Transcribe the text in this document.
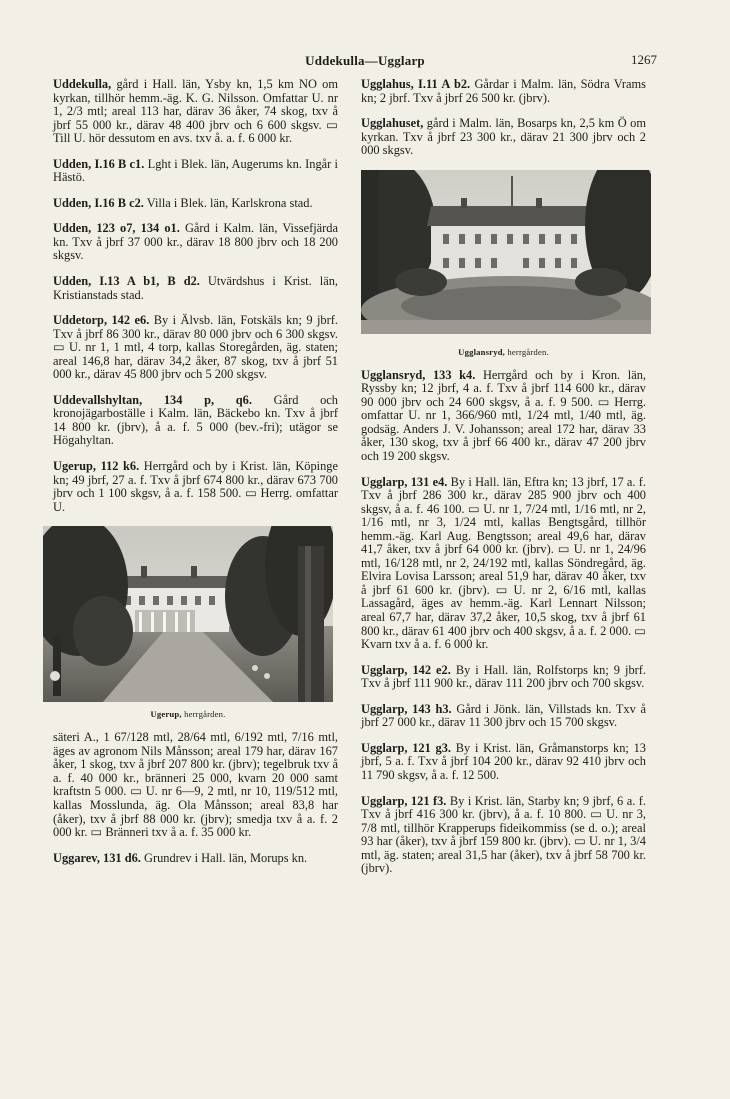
Uddekulla—Ugglarp	1267

Uddekulla, gård i Hall. län, Ysby kn, 1,5 km NO om kyrkan, tillhör hemm.-äg. K. G. Nilsson. Omfattar U. nr 1, 2/3 mtl; areal 113 har, därav 36 åker, 74 skog, txv å jbrf 55 000 kr., därav 48 400 jbrv och 6 600 skgsv. ▭ Till U. hör dessutom en avs. txv å. a. f. 6 000 kr.

Udden, I.16 B c1. Lght i Blek. län, Augerums kn. Ingår i Hästö.

Udden, I.16 B c2. Villa i Blek. län, Karlskrona stad.

Udden, 123 o7, 134 o1. Gård i Kalm. län, Vissefjärda kn. Txv å jbrf 37 000 kr., därav 18 800 jbrv och 18 200 skgsv.

Udden, I.13 A b1, B d2. Utvärdshus i Krist. län, Kristianstads stad.

Uddetorp, 142 e6. By i Älvsb. län, Fotskäls kn; 9 jbrf. Txv å jbrf 86 300 kr., därav 80 000 jbrv och 6 300 skgsv. ▭ U. nr 1, 1 mtl, 4 torp, kallas Storegården, äg. staten; areal 146,8 har, därav 34,2 åker, 87 skog, txv å jbrf 51 000 kr., därav 45 800 jbrv och 5 200 skgsv.

Uddevallshyltan, 134 p, q6. Gård och kronojägarboställe i Kalm. län, Bäckebo kn. Txv å jbrf 14 800 kr. (jbrv), å a. f. 5 000 (bev.-fri); utägor se Högahyltan.

Ugerup, 112 k6. Herrgård och by i Krist. län, Köpinge kn; 49 jbrf, 27 a. f. Txv å jbrf 674 800 kr., därav 673 700 jbrv och 1 100 skgsv, å a. f. 158 500. ▭ Herrg. omfattar U.

Ugerup, herrgården.

säteri A., 1 67/128 mtl, 28/64 mtl, 6/192 mtl, 7/16 mtl, äges av agronom Nils Månsson; areal 179 har, därav 167 åker, 1 skog, txv å jbrf 207 800 kr. (jbrv); tegelbruk txv å a. f. 40 000 kr., bränneri 25 000, kvarn 20 000 samt kraftstn 5 000. ▭ U. nr 6—9, 2 mtl, nr 10, 119/512 mtl, kallas Mosslunda, äg. Ola Månsson; areal 83,8 har (åker), txv å jbrf 88 000 kr. (jbrv); smedja txv å a. f. 2 000 kr. ▭ Bränneri txv å a. f. 35 000 kr.

Uggarev, 131 d6. Grundrev i Hall. län, Morups kn.

Ugglahus, I.11 A b2. Gårdar i Malm. län, Södra Vrams kn; 2 jbrf. Txv å jbrf 26 500 kr. (jbrv).

Ugglahuset, gård i Malm. län, Bosarps kn, 2,5 km Ö om kyrkan. Txv å jbrf 23 300 kr., därav 21 300 jbrv och 2 000 skgsv.

Ugglansryd, herrgården.

Ugglansryd, 133 k4. Herrgård och by i Kron. län, Ryssby kn; 12 jbrf, 4 a. f. Txv å jbrf 114 600 kr., därav 90 000 jbrv och 24 600 skgsv, å a. f. 9 500. ▭ Herrg. omfattar U. nr 1, 366/960 mtl, 1/24 mtl, 1/40 mtl, äg. godsäg. Anders J. V. Johansson; areal 172 har, därav 33 åker, 130 skog, txv å jbrf 66 400 kr., därav 47 200 jbrv och 19 200 skgsv.

Ugglarp, 131 e4. By i Hall. län, Eftra kn; 13 jbrf, 17 a. f. Txv å jbrf 286 300 kr., därav 285 900 jbrv och 400 skgsv, å a. f. 46 100. ▭ U. nr 1, 7/24 mtl, 1/16 mtl, nr 2, 1/16 mtl, nr 3, 1/24 mtl, kallas Bengtsgård, tillhör hemm.-äg. Karl Aug. Bengtsson; areal 49,6 har, därav 41,7 åker, txv å jbrf 64 000 kr. (jbrv). ▭ U. nr 1, 24/96 mtl, 16/128 mtl, nr 2, 24/192 mtl, kallas Söndregård, äg. Elvira Lovisa Larsson; areal 51,9 har, därav 40 åker, txv å jbrf 61 600 kr. (jbrv). ▭ U. nr 2, 6/16 mtl, kallas Lassagård, äges av hemm.-äg. Karl Lennart Nilsson; areal 67,7 har, därav 37,2 åker, 10,5 skog, txv å jbrf 61 800 kr., därav 61 400 jbrv och 400 skgsv, å a. f. 2 000. ▭ Kvarn txv å a. f. 6 000 kr.

Ugglarp, 142 e2. By i Hall. län, Rolfstorps kn; 9 jbrf. Txv å jbrf 111 900 kr., därav 111 200 jbrv och 700 skgsv.

Ugglarp, 143 h3. Gård i Jönk. län, Villstads kn. Txv å jbrf 27 000 kr., därav 11 300 jbrv och 15 700 skgsv.

Ugglarp, 121 g3. By i Krist. län, Gråmanstorps kn; 13 jbrf, 5 a. f. Txv å jbrf 104 200 kr., därav 92 410 jbrv och 11 790 skgsv, å a. f. 12 500.

Ugglarp, 121 f3. By i Krist. län, Starby kn; 9 jbrf, 6 a. f. Txv å jbrf 416 300 kr. (jbrv), å a. f. 10 800. ▭ U. nr 3, 7/8 mtl, tillhör Krapperups fideikommiss (se d. o.); areal 93 har (åker), txv å jbrf 159 800 kr. (jbrv). ▭ U. nr 1, 3/4 mtl, äg. staten; areal 31,5 har (åker), txv å jbrf 58 700 kr. (jbrv).
